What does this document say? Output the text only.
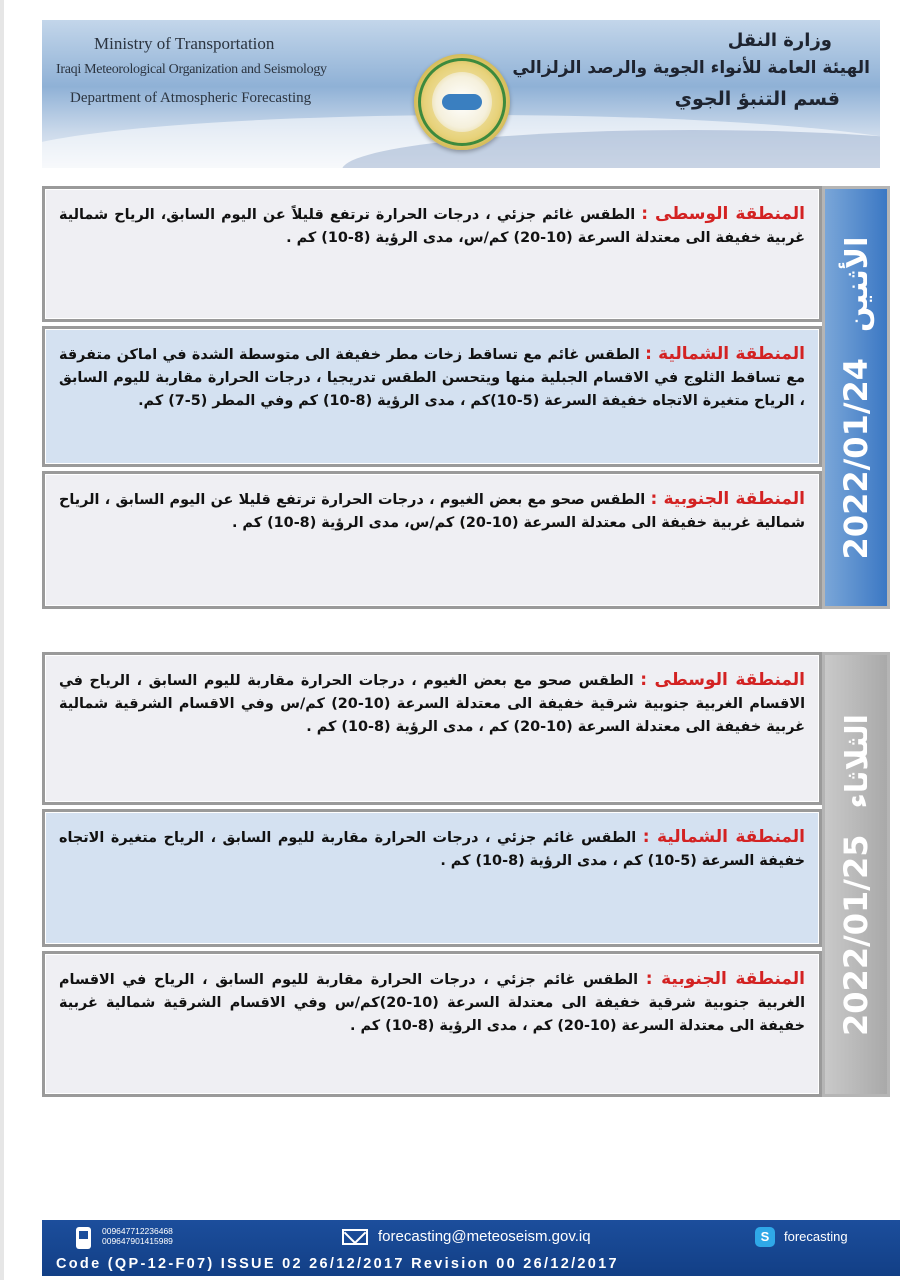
Ministry of Transportation
Iraqi Meteorological Organization and Seismology
Department of Atmospheric Forecasting
وزارة النقل
الهيئة العامة للأنواء الجوية والرصد الزلزالي
قسم التنبؤ الجوي
المنطقة الوسطى : الطقس غائم جزئي ، درجات الحرارة ترتفع قليلاً عن اليوم السابق، الرياح شمالية غربية خفيفة الى معتدلة السرعة (10-20) كم/س، مدى الرؤية (8-10) كم .
المنطقة الشمالية : الطقس غائم مع تساقط زخات مطر خفيفة الى متوسطة الشدة في اماكن متفرقة مع تساقط الثلوج في الاقسام الجبلية منها ويتحسن الطقس تدريجيا ، درجات الحرارة مقاربة لليوم السابق ، الرياح متغيرة الاتجاه خفيفة السرعة (5-10)كم ، مدى الرؤية (8-10) كم وفي المطر (5-7) كم.
المنطقة الجنوبية : الطقس صحو مع بعض الغيوم ، درجات الحرارة ترتفع قليلا عن اليوم السابق ، الرياح شمالية غربية خفيفة الى معتدلة السرعة (10-20) كم/س، مدى الرؤية (8-10) كم .	2022/01/24الأثنين
المنطقة الوسطى : الطقس صحو مع بعض الغيوم ، درجات الحرارة مقاربة لليوم السابق ، الرياح في الاقسام الغربية جنوبية شرقية خفيفة الى معتدلة السرعة (10-20) كم/س وفي الاقسام الشرقية شمالية غربية خفيفة الى معتدلة السرعة (10-20) كم ، مدى الرؤية (8-10) كم .
المنطقة الشمالية : الطقس غائم جزئي ، درجات الحرارة مقاربة لليوم السابق ، الرياح متغيرة الاتجاه خفيفة السرعة (5-10) كم ، مدى الرؤية (8-10) كم .
المنطقة الجنوبية : الطقس غائم جزئي ، درجات الحرارة مقاربة لليوم السابق ، الرياح في الاقسام الغربية جنوبية شرقية خفيفة الى معتدلة السرعة (10-20)كم/س وفي الاقسام الشرقية شمالية غربية خفيفة الى معتدلة السرعة (10-20) كم ، مدى الرؤية (8-10) كم .	2022/01/25الثلاثاء
009647712236468
009647901415989	forecasting@meteoseism.gov.iq	S	forecasting
Code (QP-12-F07) ISSUE 02 26/12/2017 Revision 00 26/12/2017
